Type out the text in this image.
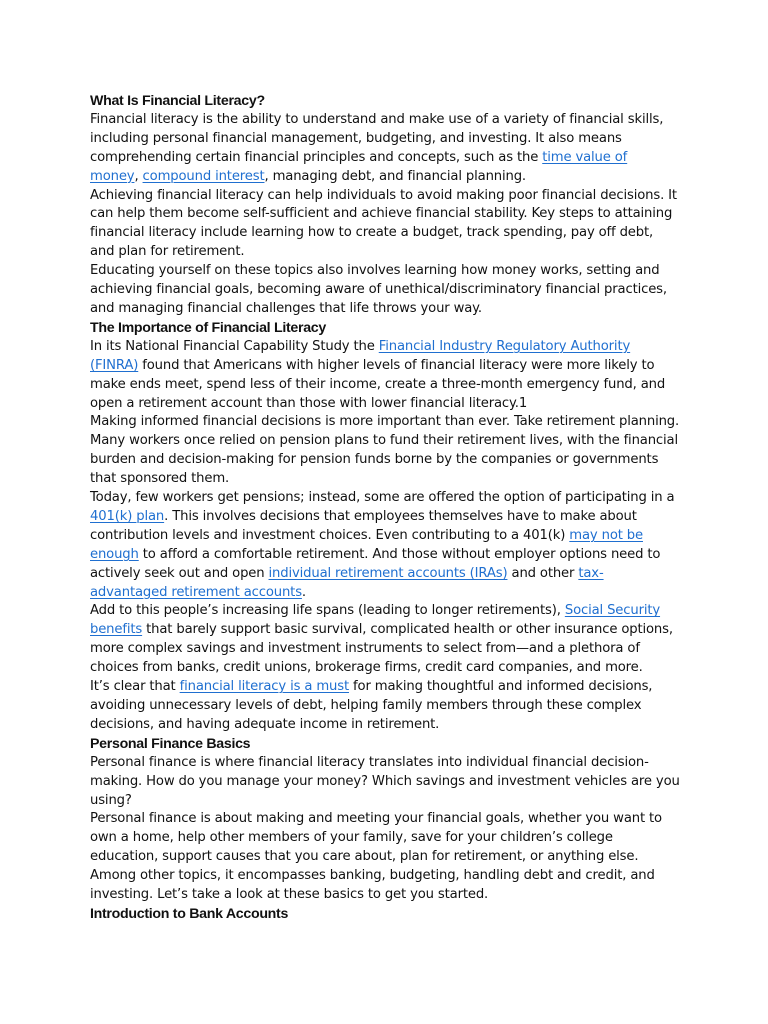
What Is Financial Literacy?

Financial literacy is the ability to understand and make use of a variety of financial skills, including personal financial management, budgeting, and investing. It also means comprehending certain financial principles and concepts, such as the time value of
money, compound interest, managing debt, and financial planning.

Achieving financial literacy can help individuals to avoid making poor financial decisions. It can help them become self-sufficient and achieve financial stability. Key steps to attaining financial literacy include learning how to create a budget, track spending, pay off debt, and plan for retirement.

Educating yourself on these topics also involves learning how money works, setting and achieving financial goals, becoming aware of unethical/discriminatory financial practices, and managing financial challenges that life throws your way.

The Importance of Financial Literacy

In its National Financial Capability Study the Financial Industry Regulatory Authority
(FINRA) found that Americans with higher levels of financial literacy were more likely to make ends meet, spend less of their income, create a three-month emergency fund, and open a retirement account than those with lower financial literacy.1

Making informed financial decisions is more important than ever. Take retirement planning. Many workers once relied on pension plans to fund their retirement lives, with the financial burden and decision-making for pension funds borne by the companies or governments that sponsored them.

Today, few workers get pensions; instead, some are offered the option of participating in a 401(k) plan. This involves decisions that employees themselves have to make about contribution levels and investment choices. Even contributing to a 401(k) may not be enough to afford a comfortable retirement. And those without employer options need to actively seek out and open individual retirement accounts (IRAs) and other tax-advantaged retirement accounts.

Add to this people’s increasing life spans (leading to longer retirements), Social Security
benefits that barely support basic survival, complicated health or other insurance options, more complex savings and investment instruments to select from—and a plethora of choices from banks, credit unions, brokerage firms, credit card companies, and more.

It’s clear that financial literacy is a must for making thoughtful and informed decisions, avoiding unnecessary levels of debt, helping family members through these complex decisions, and having adequate income in retirement.

Personal Finance Basics

Personal finance is where financial literacy translates into individual financial decision-making. How do you manage your money? Which savings and investment vehicles are you using?

Personal finance is about making and meeting your financial goals, whether you want to own a home, help other members of your family, save for your children’s college education, support causes that you care about, plan for retirement, or anything else.

Among other topics, it encompasses banking, budgeting, handling debt and credit, and investing. Let’s take a look at these basics to get you started.

Introduction to Bank Accounts
